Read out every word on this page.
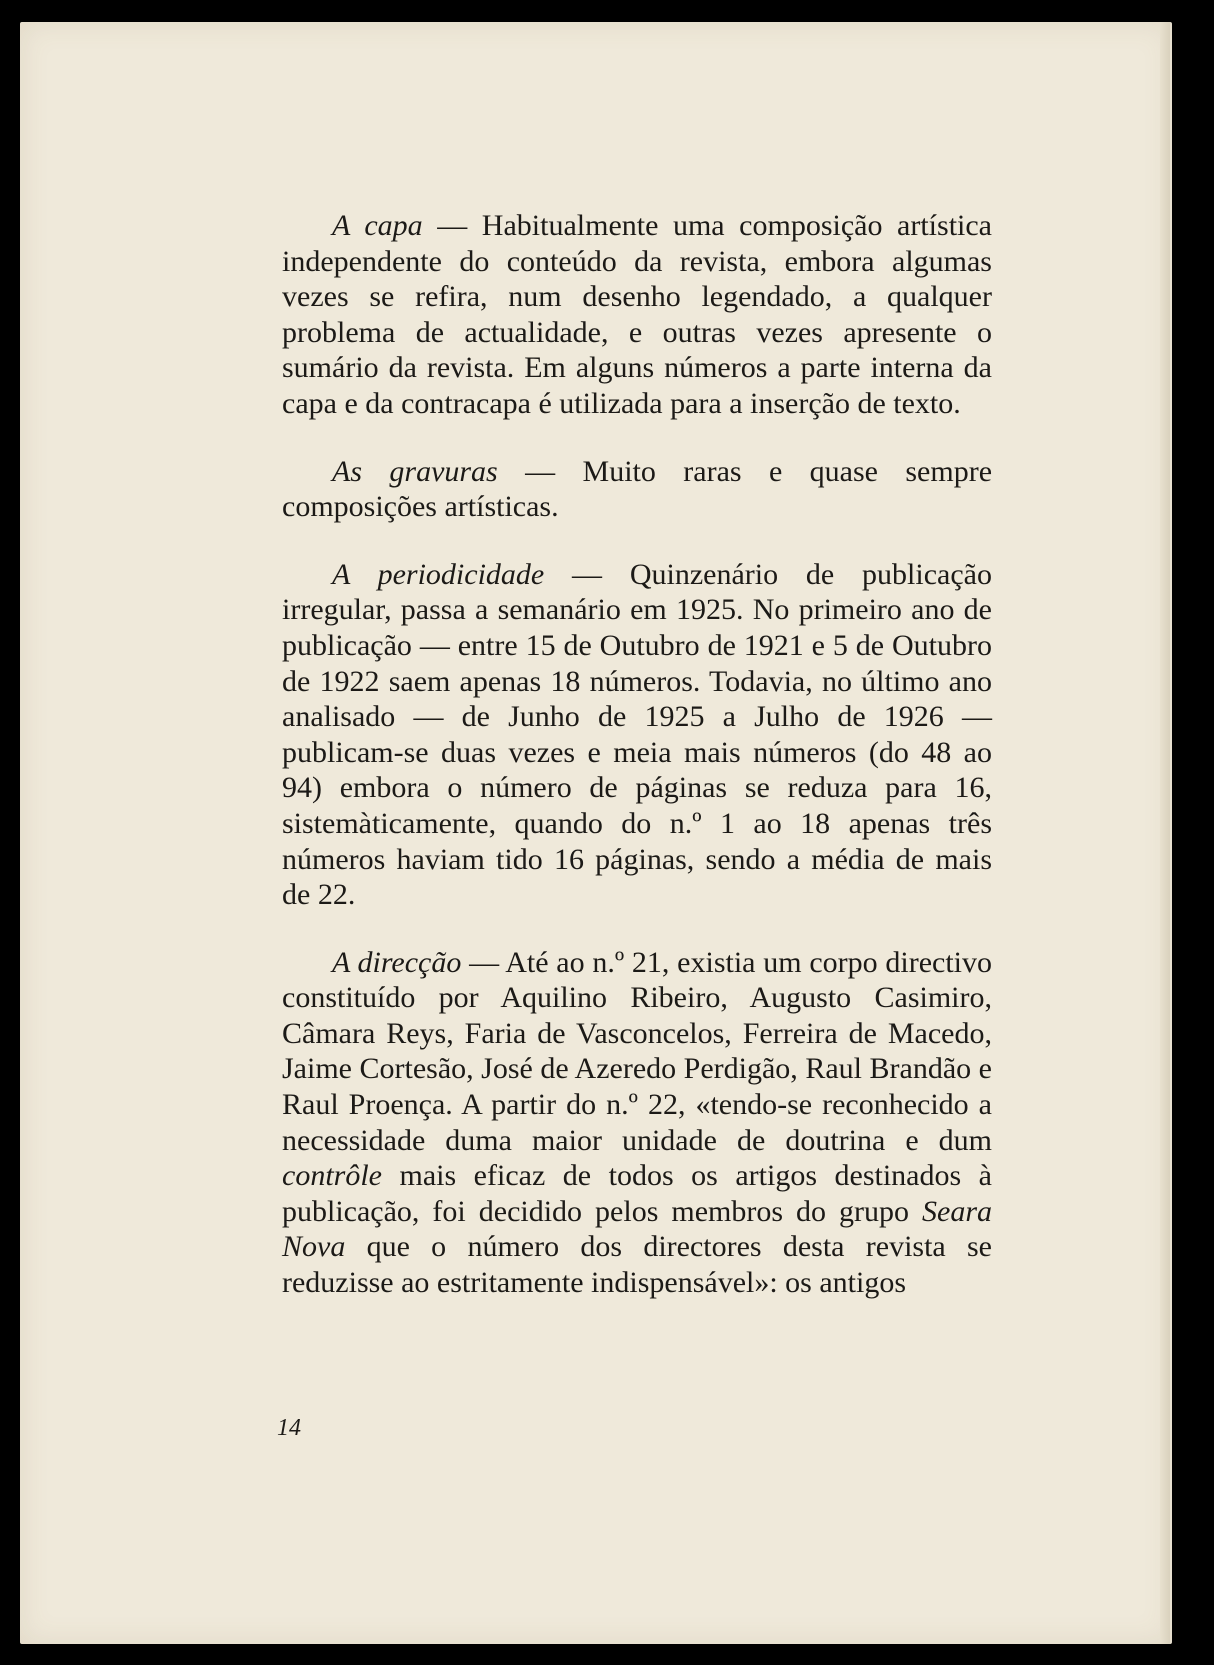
A capa — Habitualmente uma composição artística independente do conteúdo da revista, embora algumas vezes se refira, num desenho legendado, a qualquer problema de actualidade, e outras vezes apresente o sumário da revista. Em alguns números a parte interna da capa e da contracapa é utilizada para a inserção de texto.

As gravuras — Muito raras e quase sempre composições artísticas.

A periodicidade — Quinzenário de publicação irregular, passa a semanário em 1925. No primeiro ano de publicação — entre 15 de Outubro de 1921 e 5 de Outubro de 1922 saem apenas 18 números. Todavia, no último ano analisado — de Junho de 1925 a Julho de 1926 — publicam-se duas vezes e meia mais números (do 48 ao 94) embora o número de páginas se reduza para 16, sistemàticamente, quando do n.º 1 ao 18 apenas três números haviam tido 16 páginas, sendo a média de mais de 22.

A direcção — Até ao n.º 21, existia um corpo directivo constituído por Aquilino Ribeiro, Augusto Casimiro, Câmara Reys, Faria de Vasconcelos, Ferreira de Macedo, Jaime Cortesão, José de Azeredo Perdigão, Raul Brandão e Raul Proença. A partir do n.º 22, «tendo-se reconhecido a necessidade duma maior unidade de doutrina e dum contrôle mais eficaz de todos os artigos destinados à publicação, foi decidido pelos membros do grupo Seara Nova que o número dos directores desta revista se reduzisse ao estritamente indispensável»: os antigos

14
